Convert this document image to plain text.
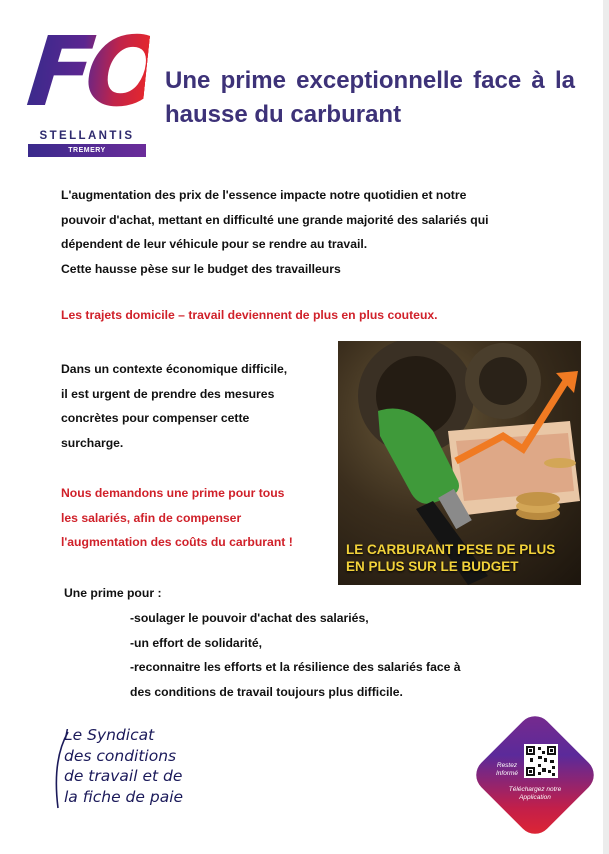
FO
STELLANTIS
TREMERY
Une prime exceptionnelle face à la hausse du carburant

L'augmentation des prix de l'essence impacte notre quotidien et notre
pouvoir d'achat, mettant en difficulté une grande majorité des salariés qui
dépendent de leur véhicule pour se rendre au travail.
Cette hausse pèse sur le budget des travailleurs

Les trajets domicile – travail deviennent de plus en plus couteux.

Dans un contexte économique difficile,
il est urgent de prendre des mesures
concrètes pour compenser cette
surcharge.

Nous demandons une prime pour tous
les salariés, afin de compenser
l'augmentation des coûts du carburant !	LE CARBURANT PESE DE PLUS
EN PLUS SUR LE BUDGET

Une prime pour :

-soulager le pouvoir d'achat des salariés,
-un effort de solidarité,
-reconnaitre les efforts et la résilience des salariés face à
des conditions de travail toujours plus difficile.

Le Syndicat
des conditions
de travail et de
la fiche de paie

Restez
Informé

Téléchargez notre
Application
